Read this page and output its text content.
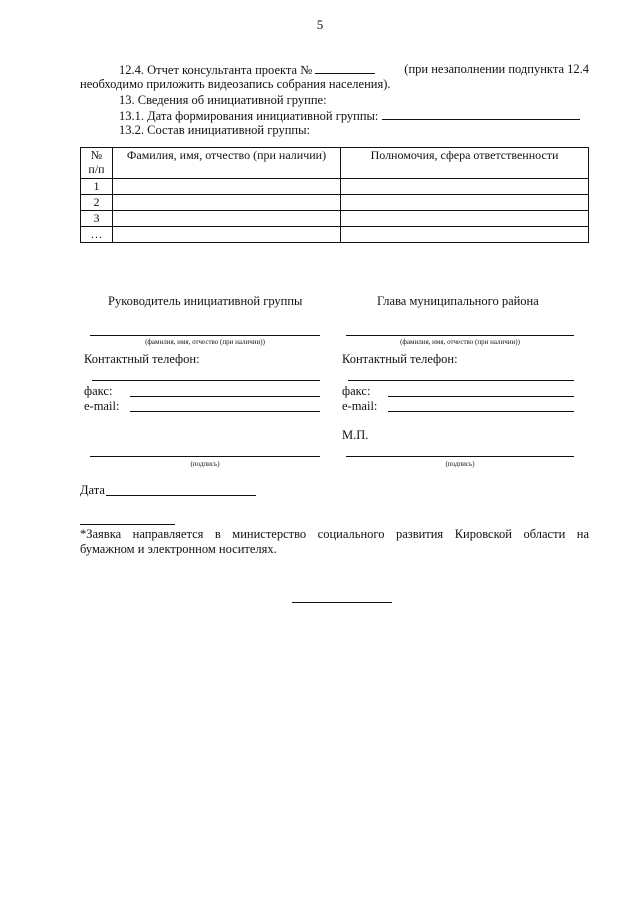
5
12.4. Отчет консультанта проекта №	(при незаполнении подпункта 12.4
необходимо приложить видеозапись собрания населения).
13. Сведения об инициативной группе:
13.1. Дата формирования инициативной группы:
13.2. Состав инициативной группы:
№
п/п	Фамилия, имя, отчество (при наличии)	Полномочия, сфера ответственности
1		
2		
3		
…		
Руководитель инициативной группы
(фамилия, имя, отчество (при наличии))
Контактный телефон:
факс:
e-mail:
(подпись)
Глава муниципального района
(фамилия, имя, отчество (при наличии))
Контактный телефон:
факс:
e-mail:
М.П.
(подпись)
Дата
*Заявка направляется в министерство социального развития Кировской области на
бумажном и электронном носителях.
